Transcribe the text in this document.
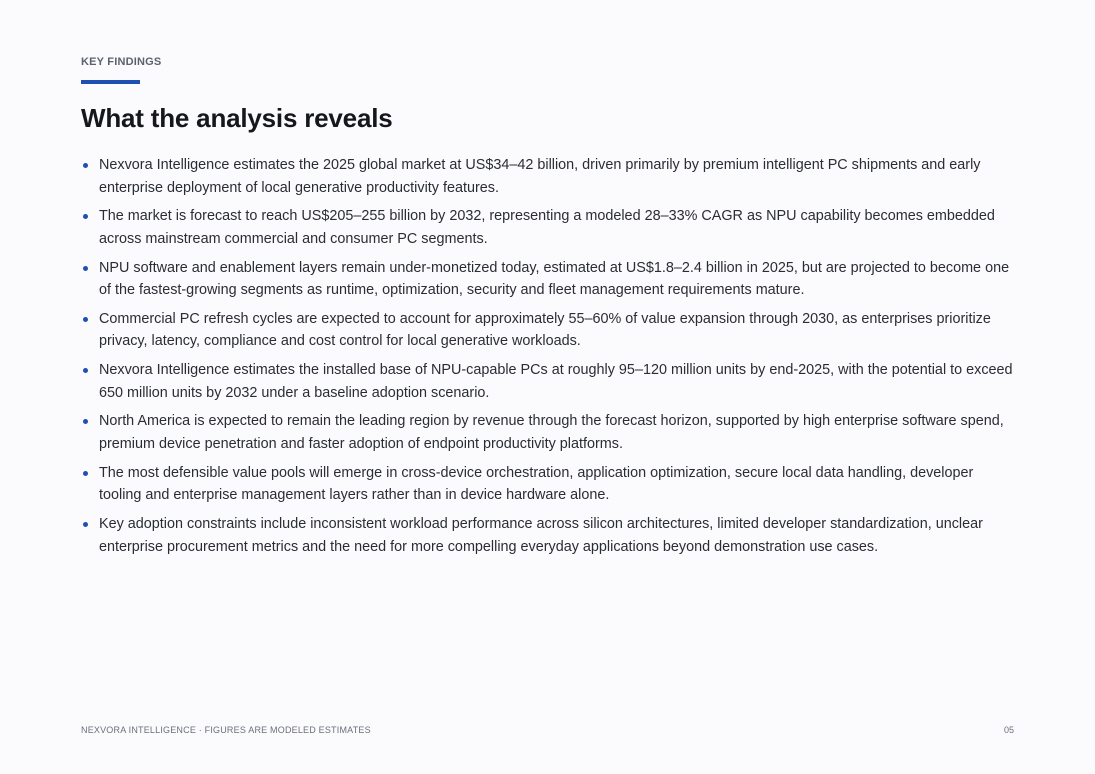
KEY FINDINGS

What the analysis reveals
Nexvora Intelligence estimates the 2025 global market at US$34–42 billion, driven primarily by premium intelligent PC shipments and early enterprise deployment of local generative productivity features.
The market is forecast to reach US$205–255 billion by 2032, representing a modeled 28–33% CAGR as NPU capability becomes embedded across mainstream commercial and consumer PC segments.
NPU software and enablement layers remain under-monetized today, estimated at US$1.8–2.4 billion in 2025, but are projected to become one of the fastest-growing segments as runtime, optimization, security and fleet management requirements mature.
Commercial PC refresh cycles are expected to account for approximately 55–60% of value expansion through 2030, as enterprises prioritize privacy, latency, compliance and cost control for local generative workloads.
Nexvora Intelligence estimates the installed base of NPU-capable PCs at roughly 95–120 million units by end-2025, with the potential to exceed 650 million units by 2032 under a baseline adoption scenario.
North America is expected to remain the leading region by revenue through the forecast horizon, supported by high enterprise software spend, premium device penetration and faster adoption of endpoint productivity platforms.
The most defensible value pools will emerge in cross-device orchestration, application optimization, secure local data handling, developer tooling and enterprise management layers rather than in device hardware alone.
Key adoption constraints include inconsistent workload performance across silicon architectures, limited developer standardization, unclear enterprise procurement metrics and the need for more compelling everyday applications beyond demonstration use cases.
NEXVORA INTELLIGENCE · FIGURES ARE MODELED ESTIMATES	05
